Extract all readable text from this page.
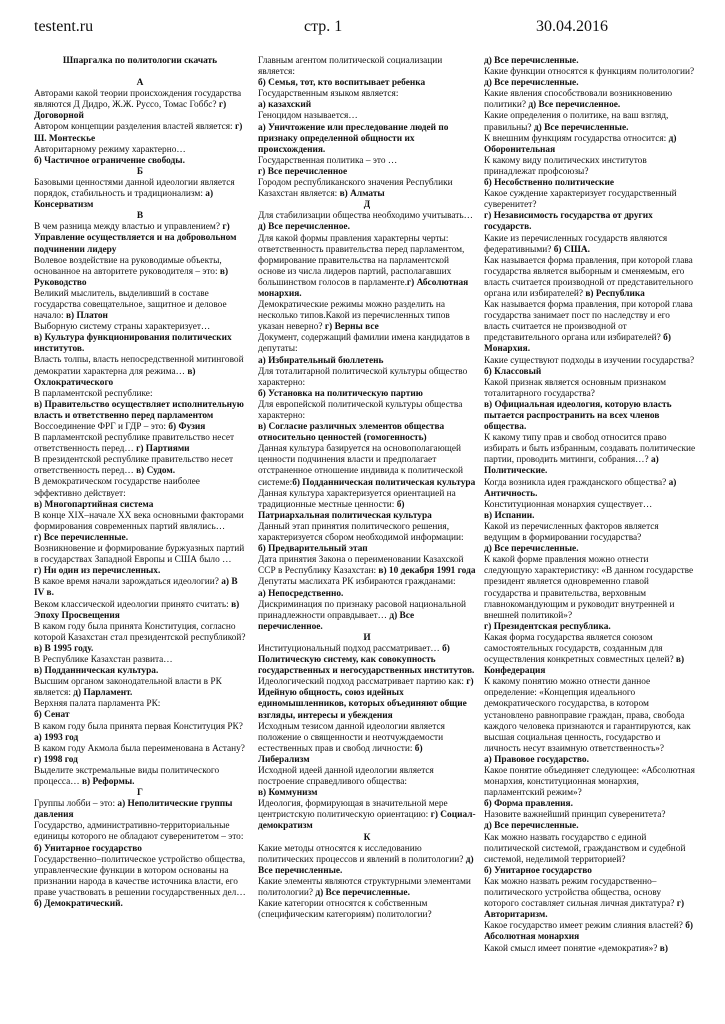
testent.ru	стр. 1	30.04.2016

Шпаргалка по политологии скачать

А

Авторами какой теории происхождения государства являются Д Дидро, Ж.Ж. Руссо, Томас Гоббс? г) Договорной

Автором концепции разделения властей является: г) Ш. Монтескье

Авторитарному режиму характерно…

б) Частичное ограничение свободы.

Б

Базовыми ценностями данной идеологии является порядок, стабильность и традиционализм: а) Консерватизм

В

В чем разница между властью и управлением? г) Управление осуществляется и на добровольном подчинении лидеру

Волевое воздействие на руководимые объекты, основанное на авторитете руководителя – это: в) Руководство

Великий мыслитель, выделивший в составе государства совещательное, защитное и деловое начало: в) Платон

Выборную систему страны характеризует…

в) Культура функционирования политических институтов.

Власть толпы, власть непосредственной митинговой демократии характерна для режима… в) Охлократического

В парламентской республике:

в) Правительство осуществляет исполнительную власть и ответственно перед парламентом

Воссоединение ФРГ и ГДР – это: б) Фузия

В парламентской республике правительство несет ответственность перед… г) Партиями

В президентской республике правительство несет ответственность перед… в) Судом.

В демократическом государстве наиболее эффективно действует:

в) Многопартийная система

В конце XIX–начале XX века основными факторами формирования современных партий являлись…

г) Все перечисленные.

Возникновение и формирование буржуазных партий в государствах Западной Европы и США было …

г) Ни один из перечисленных.

В какое время начали зарождаться идеологии? а) В IV в.

Веком классической идеологии принято считать: в) Эпоху Просвещения

В каком году была принята Конституция, согласно которой Казахстан стал президентской республикой? в) В 1995 году.

В Республике Казахстан развита…

в) Подданническая культура.

Высшим органом законодательной власти в РК является: д) Парламент.

Верхняя палата парламента РК:

б) Сенат

В каком году была принята первая Конституция РК? а) 1993 год

В каком году Акмола была переименована в Астану? г) 1998 год

Выделите экстремальные виды политического процесса… в) Реформы.

Г

Группы лобби – это: а) Неполитические группы давления

Государство, административно-территориальные единицы которого не обладают суверенитетом – это:

б) Унитарное государство

Государственно–политическое устройство общества, управленческие функции в котором основаны на признании народа в качестве источника власти, его праве участвовать в решении государственных дел…б) Демократический.

Главным агентом политической социализации является:

б) Семья, тот, кто воспитывает ребенка

Государственным языком является:

а) казахский

Геноцидом называется…

а) Уничтожение или преследование людей по признаку определенной общности их происхождения.

Государственная политика – это …

г) Все перечисленное

Городом республиканского значения Республики Казахстан является: в) Алматы

Д

Для стабилизации общества необходимо учитывать…д) Все перечисленное.

Для какой формы правления характерны черты: ответственность правительства перед парламентом, формирование правительства на парламентской основе из числа лидеров партий, располагавших большинством голосов в парламенте.г) Абсолютная монархия.

Демократические режимы можно разделить на несколько типов.Какой из перечисленных типов указан неверно? г) Верны все

Документ, содержащий фамилии имена кандидатов в депутаты:

а) Избирательный бюллетень

Для тоталитарной политической культуры общество характерно:

б) Установка на политическую партию

Для европейской политической культуры общества характерно:

в) Согласие различных элементов общества относительно ценностей (гомогенность)

Данная культура базируется на основополагающей ценности подчинения власти и предполагает отстраненное отношение индивида к политической системе:б) Подданническая политическая культура

Данная культура характеризуется ориентацией на традиционные местные ценности: б) Патриархальная политическая культура

Данный этап принятия политического решения, характеризуется сбором необходимой информации:

б) Предварительный этап

Дата принятия Закона о переименовании Казахской ССР в Республику Казахстан: в) 10 декабря 1991 года

Депутаты маслихата РК избираются гражданами:

а) Непосредственно.

Дискриминация по признаку расовой национальной принадлежности оправдывает… д) Все перечисленное.

И

Институциональный подход рассматривает… б) Политическую систему, как совокупность государственных и негосударственных институтов.

Идеологический подход рассматривает партию как: г) Идейную общность, союз идейных единомышленников, которых объединяют общие взгляды, интересы и убеждения

Исходным тезисом данной идеологии является положение о священности и неотчуждаемости естественных прав и свобод личности: б) Либерализм

Исходной идеей данной идеологии является построение справедливого общества:

в) Коммунизм

Идеология, формирующая в значительной мере центристскую политическую ориентацию: г) Социал-демократизм

К

Какие методы относятся к исследованию политических процессов и явлений в политологии? д) Все перечисленные.

Какие элементы являются структурными элементами политологии? д) Все перечисленные.

Какие категории относятся к собственным (специфическим категориям) политологии?

д) Все перечисленные.

Какие функции относятся к функциям политологии? д) Все перечисленные.

Какие явления способствовали возникновению политики? д) Все перечисленное.

Какие определения о политике, на ваш взгляд, правильны? д) Все перечисленные.

К внешним функциям государства относится: д) Оборонительная

К какому виду политических институтов принадлежат профсоюзы?

б) Несобственно политические

Какое суждение характеризует государственный суверенитет?

г) Независимость государства от других государств.

Какие из перечисленных государств являются федеративными? б) США.

Как называется форма правления, при которой глава государства является выборным и сменяемым, его власть считается производной от представительного органа или избирателей? в) Республика

Как называется форма правления, при которой глава государства занимает пост по наследству и его власть считается не производной от представительного органа или избирателей? б) Монархия.

Какие существуют подходы в изучении государства? б) Классовый

Какой признак является основным признаком тоталитарного государства?

в) Официальная идеология, которую власть пытается распространить на всех членов общества.

К какому типу прав и свобод относится право избирать и быть избранным, создавать политические партии, проводить митинги, собрания…? а) Политические.

Когда возникла идея гражданского общества? а) Античность.

Конституционная монархия существует…

в) Испании.

Какой из перечисленных факторов является ведущим в формировании государства?

д) Все перечисленные.

К какой форме правления можно отнести следующую характеристику: «В данном государстве президент является одновременно главой государства и правительства, верховным главнокомандующим и руководит внутренней и внешней политикой»?

г) Президентская республика.

Какая форма государства является союзом самостоятельных государств, созданным для осуществления конкретных совместных целей? в) Конфедерация

К какому понятию можно отнести данное определение: «Концепция идеального демократического государства, в котором установлено равноправие граждан, права, свобода каждого человека признаются и гарантируются, как высшая социальная ценность, государство и личность несут взаимную ответственность»?

а) Правовое государство.

Какое понятие объединяет следующее: «Абсолютная монархия, конституционная монархия, парламентский режим»?

б) Форма правления.

Назовите важнейший принцип суверенитета?

д) Все перечисленные.

Как можно назвать государство с единой политической системой, гражданством и судебной системой, неделимой территорией?

б) Унитарное государство

Как можно назвать режим государственно–политического устройства общества, основу которого составляет сильная личная диктатура? г) Авторитаризм.

Какое государство имеет режим слияния властей? б) Абсолютная монархия

Какой смысл имеет понятие «демократия»? в)
